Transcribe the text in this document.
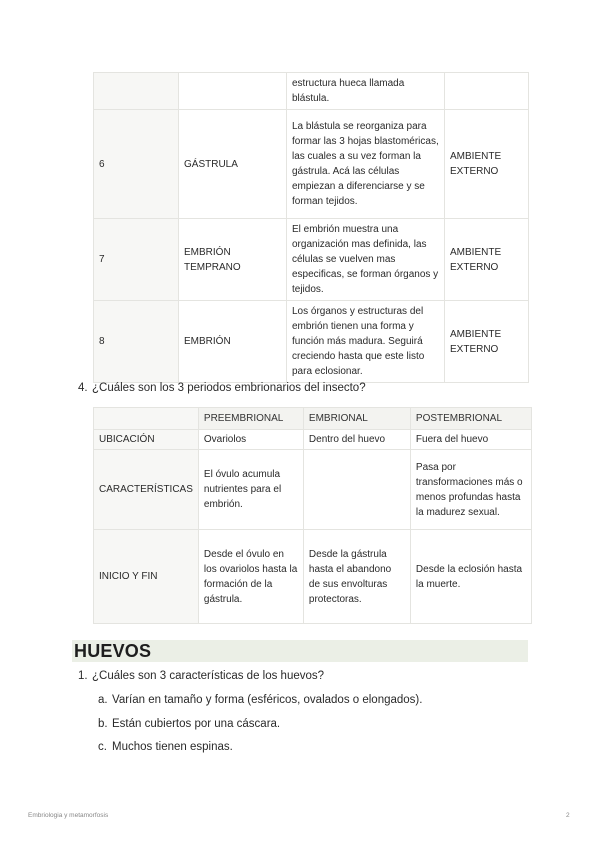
		estructura hueca llamada blástula.	
6	GÁSTRULA	La blástula se reorganiza para formar las 3 hojas blastoméricas, las cuales a su vez forman la gástrula. Acá las células empiezan a diferenciarse y se forman tejidos.	AMBIENTE EXTERNO
7	EMBRIÓN TEMPRANO	El embrión muestra una organización mas definida, las células se vuelven mas especificas, se forman órganos y tejidos.	AMBIENTE EXTERNO
8	EMBRIÓN	Los órganos y estructuras del embrión tienen una forma y función más madura. Seguirá creciendo hasta que este listo para eclosionar.	AMBIENTE EXTERNO
4. ¿Cuáles son los 3 periodos embrionarios del insecto?
	PREEMBRIONAL	EMBRIONAL	POSTEMBRIONAL
UBICACIÓN	Ovariolos	Dentro del huevo	Fuera del huevo
CARACTERÍSTICAS	El óvulo acumula nutrientes para el embrión.		Pasa por transformaciones más o menos profundas hasta la madurez sexual.
INICIO Y FIN	Desde el óvulo en los ovariolos hasta la formación de la gástrula.	Desde la gástrula hasta el abandono de sus envolturas protectoras.	Desde la eclosión hasta la muerte.
HUEVOS
1. ¿Cuáles son 3 características de los huevos?
a. Varían en tamaño y forma (esféricos, ovalados o elongados).
b. Están cubiertos por una cáscara.
c. Muchos tienen espinas.
Embriologia y metamorfosis	2
